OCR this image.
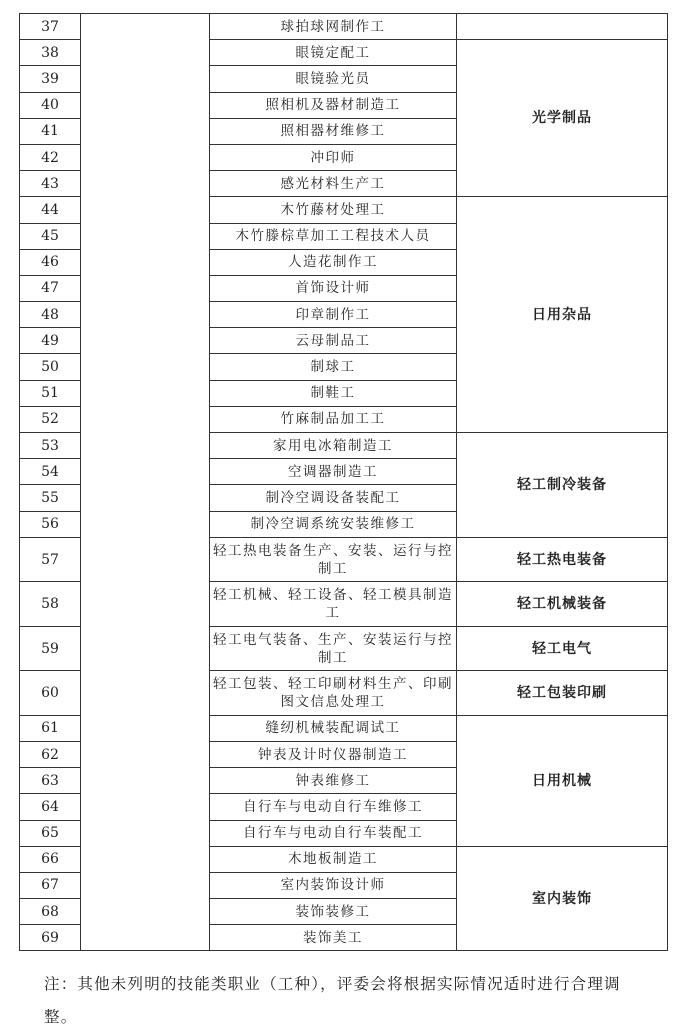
37		球拍球网制作工	
38		眼镜定配工	光学制品
39		眼镜验光员	
40		照相机及器材制造工	
41		照相器材维修工	
42		冲印师	
43		感光材料生产工	
44		木竹藤材处理工	日用杂品
45		木竹滕棕草加工工程技术人员	
46		人造花制作工	
47		首饰设计师	
48		印章制作工	
49		云母制品工	
50		制球工	
51		制鞋工	
52		竹麻制品加工工	
53		家用电冰箱制造工	轻工制冷装备
54		空调器制造工	
55		制冷空调设备装配工	
56		制冷空调系统安装维修工	
57		轻工热电装备生产、安装、运行与控制工	轻工热电装备
58		轻工机械、轻工设备、轻工模具制造工	轻工机械装备
59		轻工电气装备、生产、安装运行与控制工	轻工电气
60		轻工包装、轻工印刷材料生产、印刷图文信息处理工	轻工包装印刷
61		缝纫机械装配调试工	日用机械
62		钟表及计时仪器制造工	
63		钟表维修工	
64		自行车与电动自行车维修工	
65		自行车与电动自行车装配工	
66		木地板制造工	室内装饰
67		室内装饰设计师	
68		装饰装修工	
69		装饰美工	
注：其他未列明的技能类职业（工种），评委会将根据实际情况适时进行合理调整。
